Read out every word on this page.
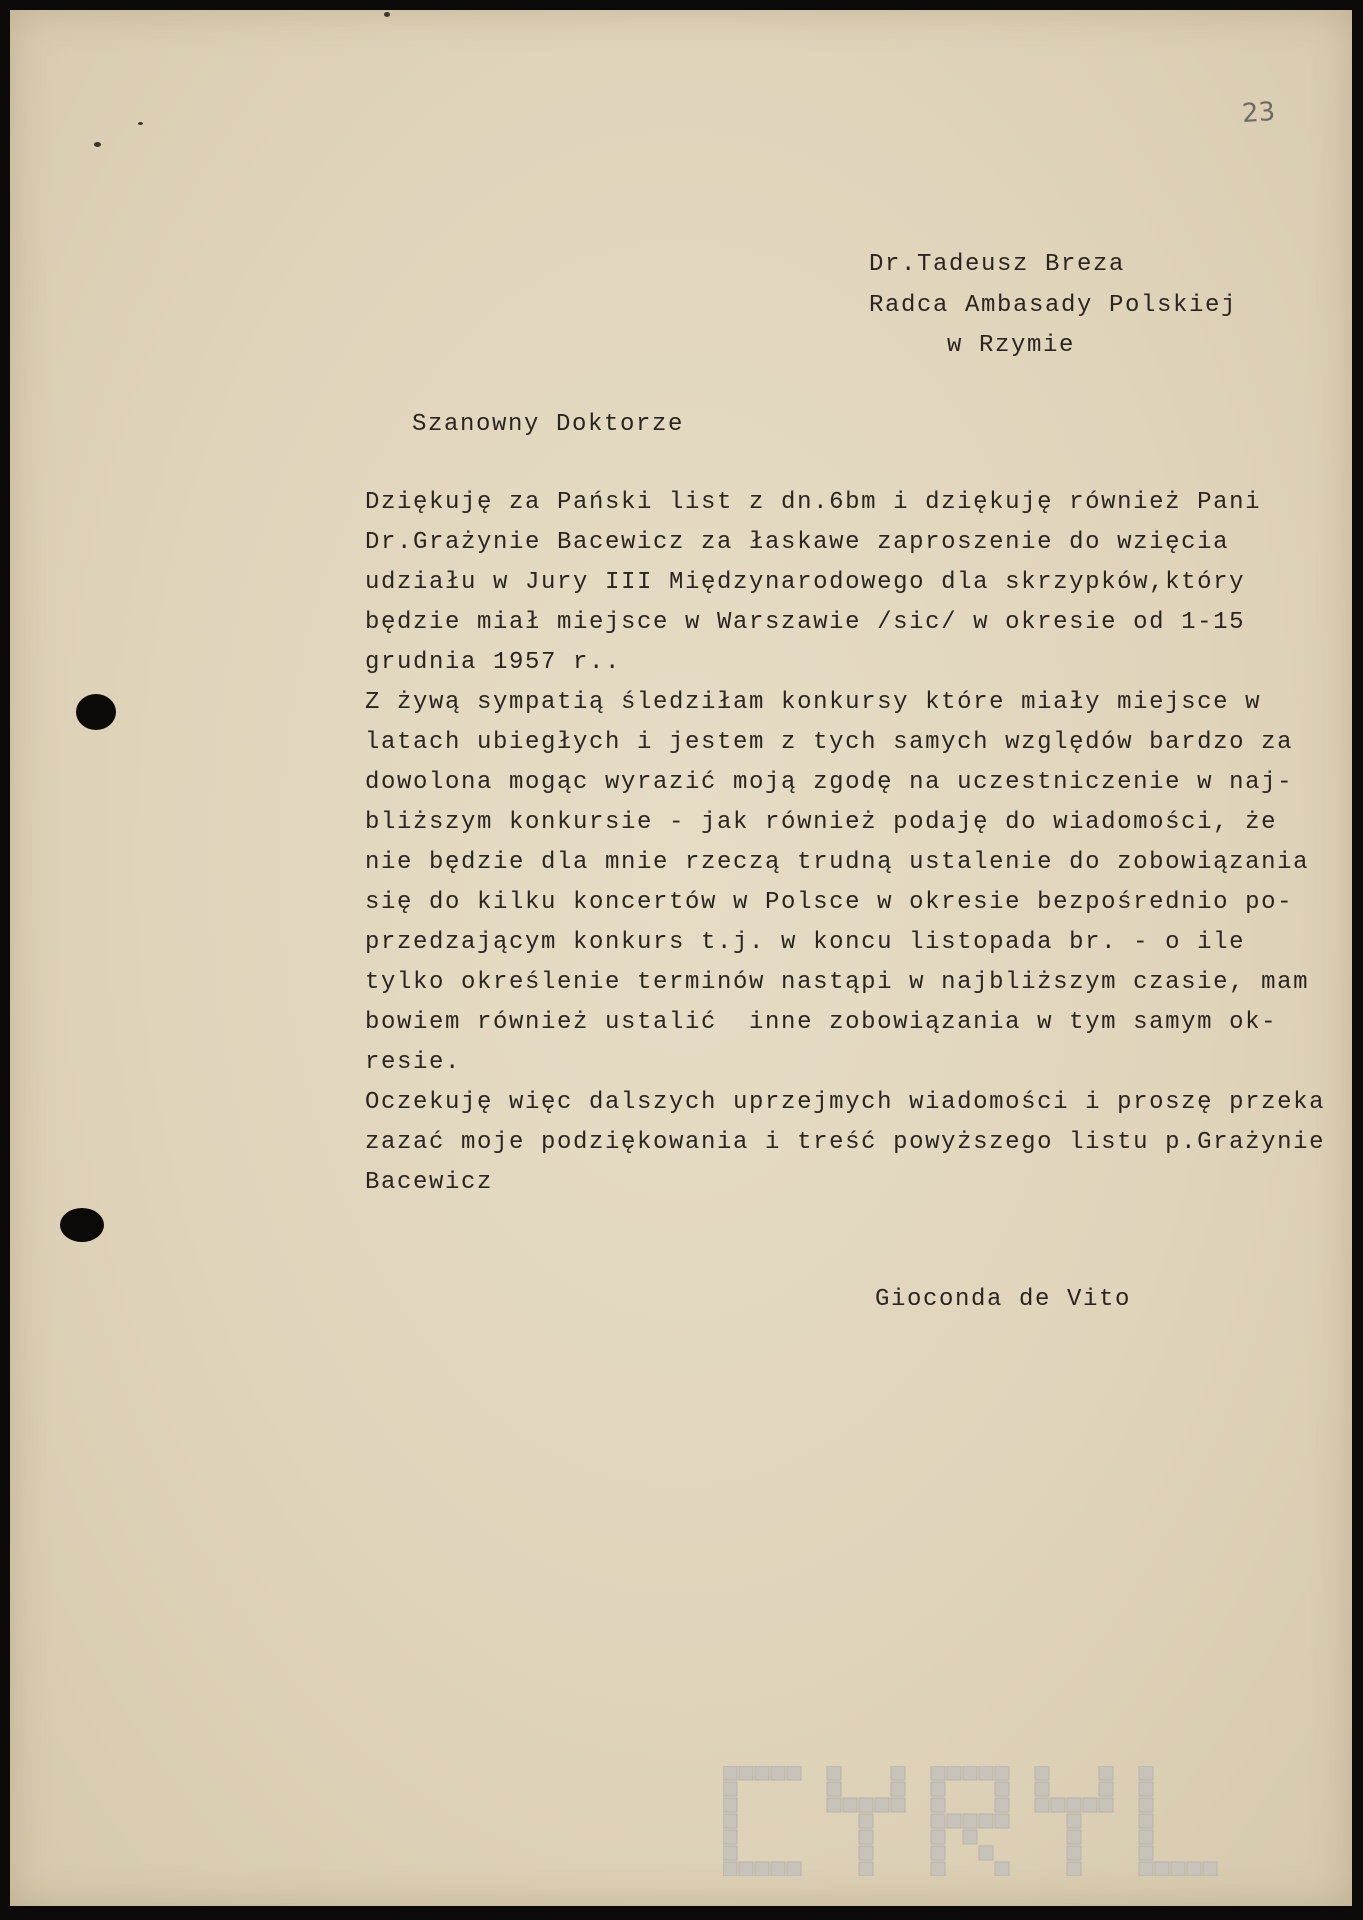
23

Dr.Tadeusz Breza

Radca Ambasady Polskiej

w Rzymie

Szanowny Doktorze

Dziękuję za Pański list z dn.6bm i dziękuję również Pani

Dr.Grażynie Bacewicz za łaskawe zaproszenie do wzięcia

udziału w Jury III Międzynarodowego dla skrzypków,który

będzie miał miejsce w Warszawie /sic/ w okresie od 1-15

grudnia 1957 r..

Z żywą sympatią śledziłam konkursy które miały miejsce w

latach ubiegłych i jestem z tych samych względów bardzo za

dowolona mogąc wyrazić moją zgodę na uczestniczenie w naj-

bliższym konkursie - jak również podaję do wiadomości, że

nie będzie dla mnie rzeczą trudną ustalenie do zobowiązania

się do kilku koncertów w Polsce w okresie bezpośrednio po-

przedzającym konkurs t.j. w koncu listopada br. - o ile

tylko określenie terminów nastąpi w najbliższym czasie, mam

bowiem również ustalić  inne zobowiązania w tym samym ok-

resie.

Oczekuję więc dalszych uprzejmych wiadomości i proszę przeka

zazać moje podziękowania i treść powyższego listu p.Grażynie

Bacewicz

Gioconda de Vito
